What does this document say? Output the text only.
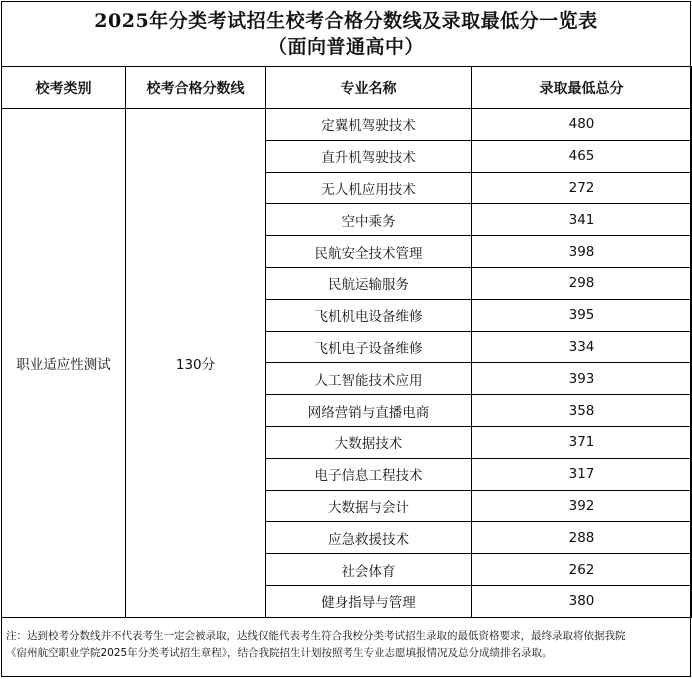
2025年分类考试招生校考合格分数线及录取最低分一览表
（面向普通高中）
校考类别	校考合格分数线	专业名称	录取最低总分
职业适应性测试	130分	定翼机驾驶技术	480
		直升机驾驶技术	465
		无人机应用技术	272
		空中乘务	341
		民航安全技术管理	398
		民航运输服务	298
		飞机机电设备维修	395
		飞机电子设备维修	334
		人工智能技术应用	393
		网络营销与直播电商	358
		大数据技术	371
		电子信息工程技术	317
		大数据与会计	392
		应急救援技术	288
		社会体育	262
		健身指导与管理	380
注：达到校考分数线并不代表考生一定会被录取，达线仅能代表考生符合我校分类考试招生录取的最低资格要求，最终录取将依据我院
《宿州航空职业学院2025年分类考试招生章程》，结合我院招生计划按照考生专业志愿填报情况及总分成绩排名录取。
